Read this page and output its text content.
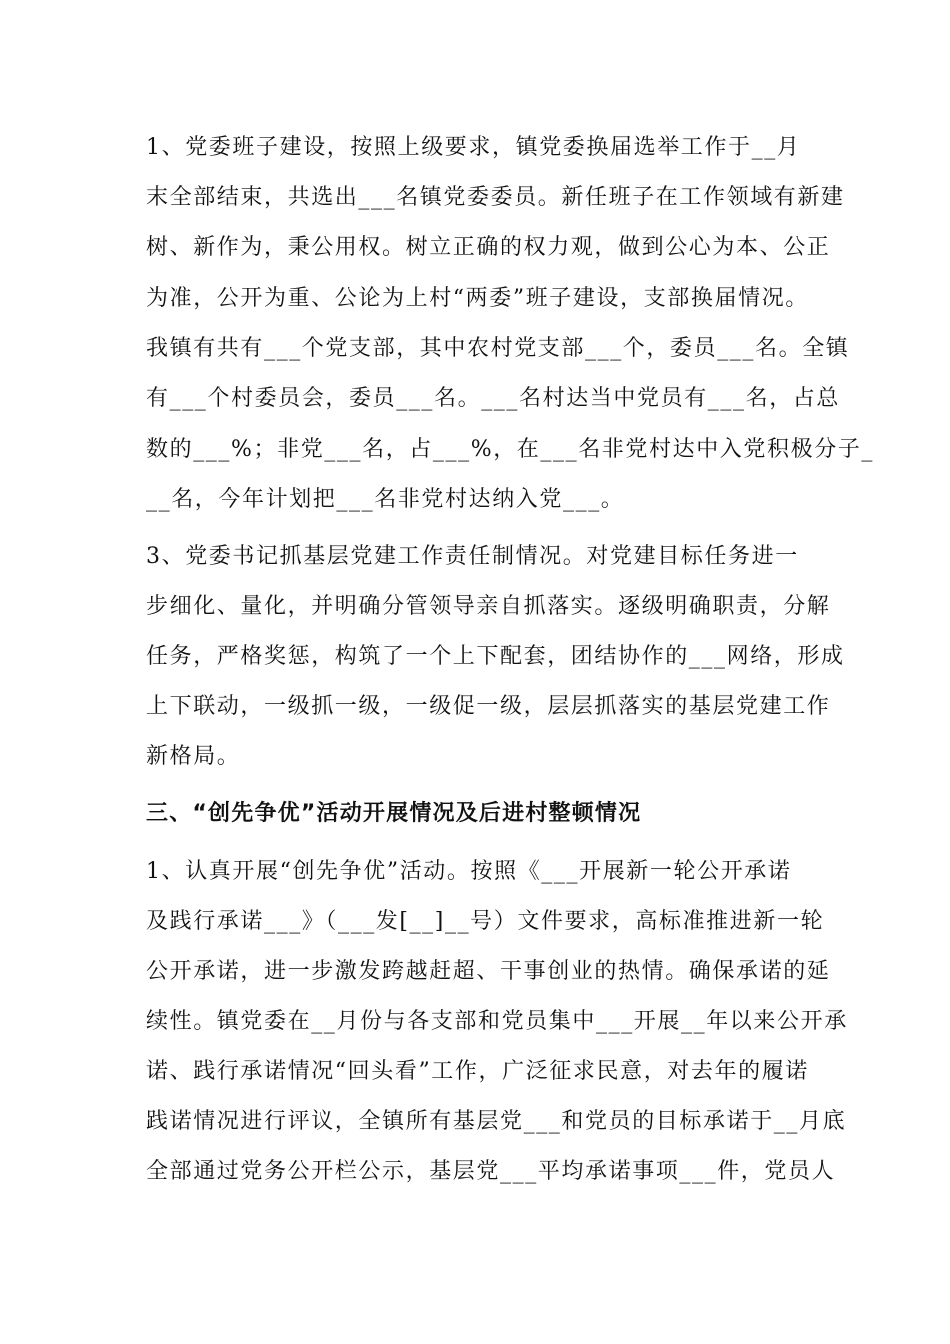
1、党委班子建设，按照上级要求，镇党委换届选举工作于__月
末全部结束，共选出___名镇党委委员。新任班子在工作领域有新建
树、新作为，秉公用权。树立正确的权力观，做到公心为本、公正
为准，公开为重、公论为上村“两委”班子建设，支部换届情况。
我镇有共有___个党支部，其中农村党支部___个，委员___名。全镇
有___个村委员会，委员___名。___名村达当中党员有___名，占总
数的___%；非党___名，占___%，在___名非党村达中入党积极分子_
__名，今年计划把___名非党村达纳入党___。
3、党委书记抓基层党建工作责任制情况。对党建目标任务进一
步细化、量化，并明确分管领导亲自抓落实。逐级明确职责，分解
任务，严格奖惩，构筑了一个上下配套，团结协作的___网络，形成
上下联动，一级抓一级，一级促一级，层层抓落实的基层党建工作
新格局。
三、“创先争优”活动开展情况及后进村整顿情况
1、认真开展“创先争优”活动。按照《___开展新一轮公开承诺
及践行承诺___》（___发[__]__号）文件要求，高标准推进新一轮
公开承诺，进一步激发跨越赶超、干事创业的热情。确保承诺的延
续性。镇党委在__月份与各支部和党员集中___开展__年以来公开承
诺、践行承诺情况“回头看”工作，广泛征求民意，对去年的履诺
践诺情况进行评议，全镇所有基层党___和党员的目标承诺于__月底
全部通过党务公开栏公示，基层党___平均承诺事项___件，党员人
